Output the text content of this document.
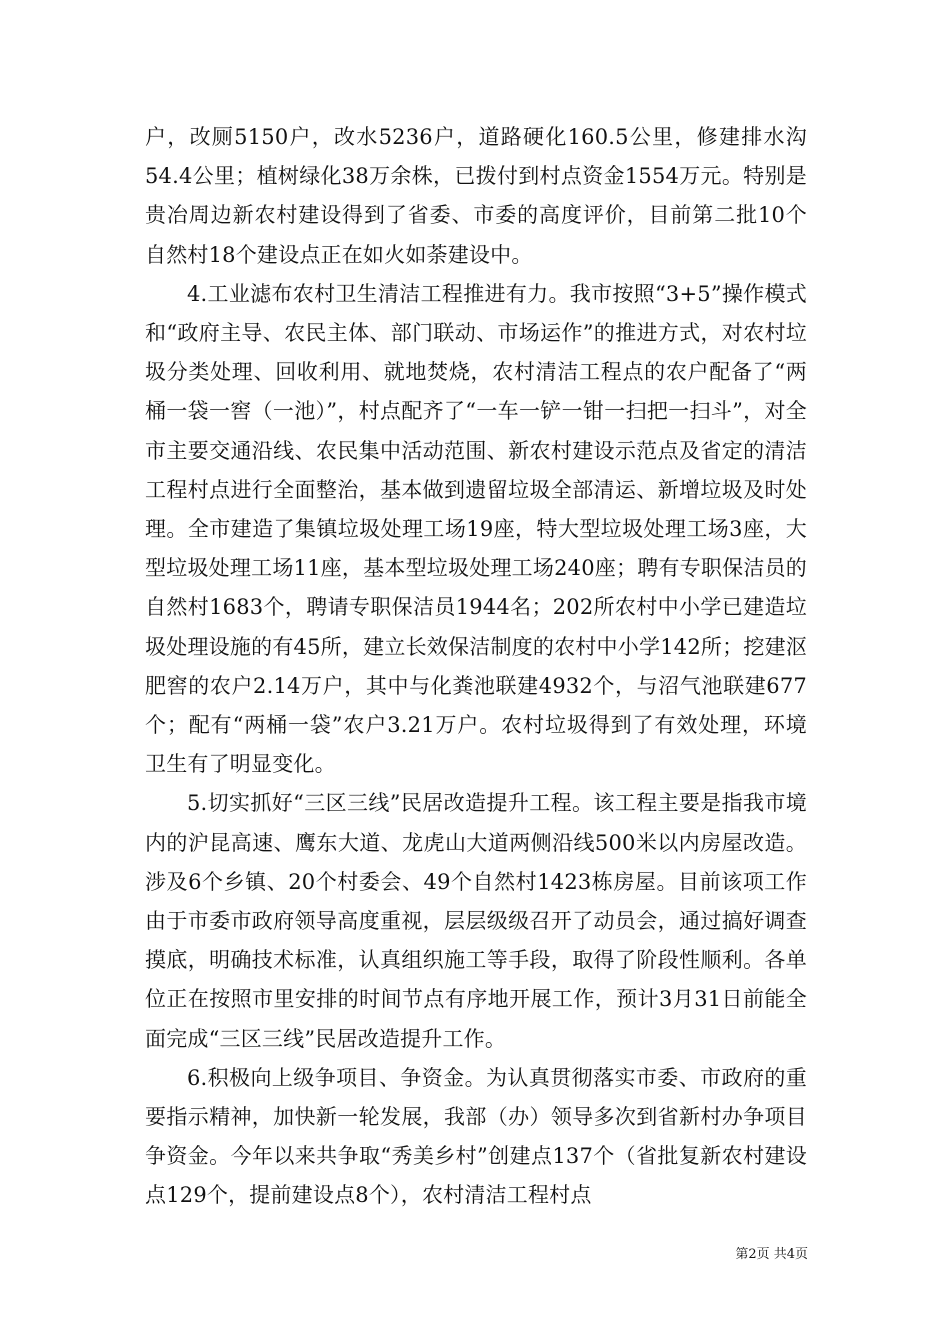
户，改厕5150户，改水5236户，道路硬化160.5公里，修建排水沟54.4公里；植树绿化38万余株，已拨付到村点资金1554万元。特别是贵冶周边新农村建设得到了省委、市委的高度评价，目前第二批10个自然村18个建设点正在如火如荼建设中。

4.工业滤布农村卫生清洁工程推进有力。我市按照“3+5”操作模式和“政府主导、农民主体、部门联动、市场运作”的推进方式，对农村垃圾分类处理、回收利用、就地焚烧，农村清洁工程点的农户配备了“两桶一袋一窖（一池）”，村点配齐了“一车一铲一钳一扫把一扫斗”，对全市主要交通沿线、农民集中活动范围、新农村建设示范点及省定的清洁工程村点进行全面整治，基本做到遗留垃圾全部清运、新增垃圾及时处理。全市建造了集镇垃圾处理工场19座，特大型垃圾处理工场3座，大型垃圾处理工场11座，基本型垃圾处理工场240座；聘有专职保洁员的自然村1683个，聘请专职保洁员1944名；202所农村中小学已建造垃圾处理设施的有45所，建立长效保洁制度的农村中小学142所；挖建沤肥窖的农户2.14万户，其中与化粪池联建4932个，与沼气池联建677个；配有“两桶一袋”农户3.21万户。农村垃圾得到了有效处理，环境卫生有了明显变化。

5.切实抓好“三区三线”民居改造提升工程。该工程主要是指我市境内的沪昆高速、鹰东大道、龙虎山大道两侧沿线500米以内房屋改造。涉及6个乡镇、20个村委会、49个自然村1423栋房屋。目前该项工作由于市委市政府领导高度重视，层层级级召开了动员会，通过搞好调查摸底，明确技术标准，认真组织施工等手段，取得了阶段性顺利。各单位正在按照市里安排的时间节点有序地开展工作，预计3月31日前能全面完成“三区三线”民居改造提升工作。

6.积极向上级争项目、争资金。为认真贯彻落实市委、市政府的重要指示精神，加快新一轮发展，我部（办）领导多次到省新村办争项目争资金。今年以来共争取“秀美乡村”创建点137个（省批复新农村建设点129个，提前建设点8个），农村清洁工程村点

第2页 共4页
